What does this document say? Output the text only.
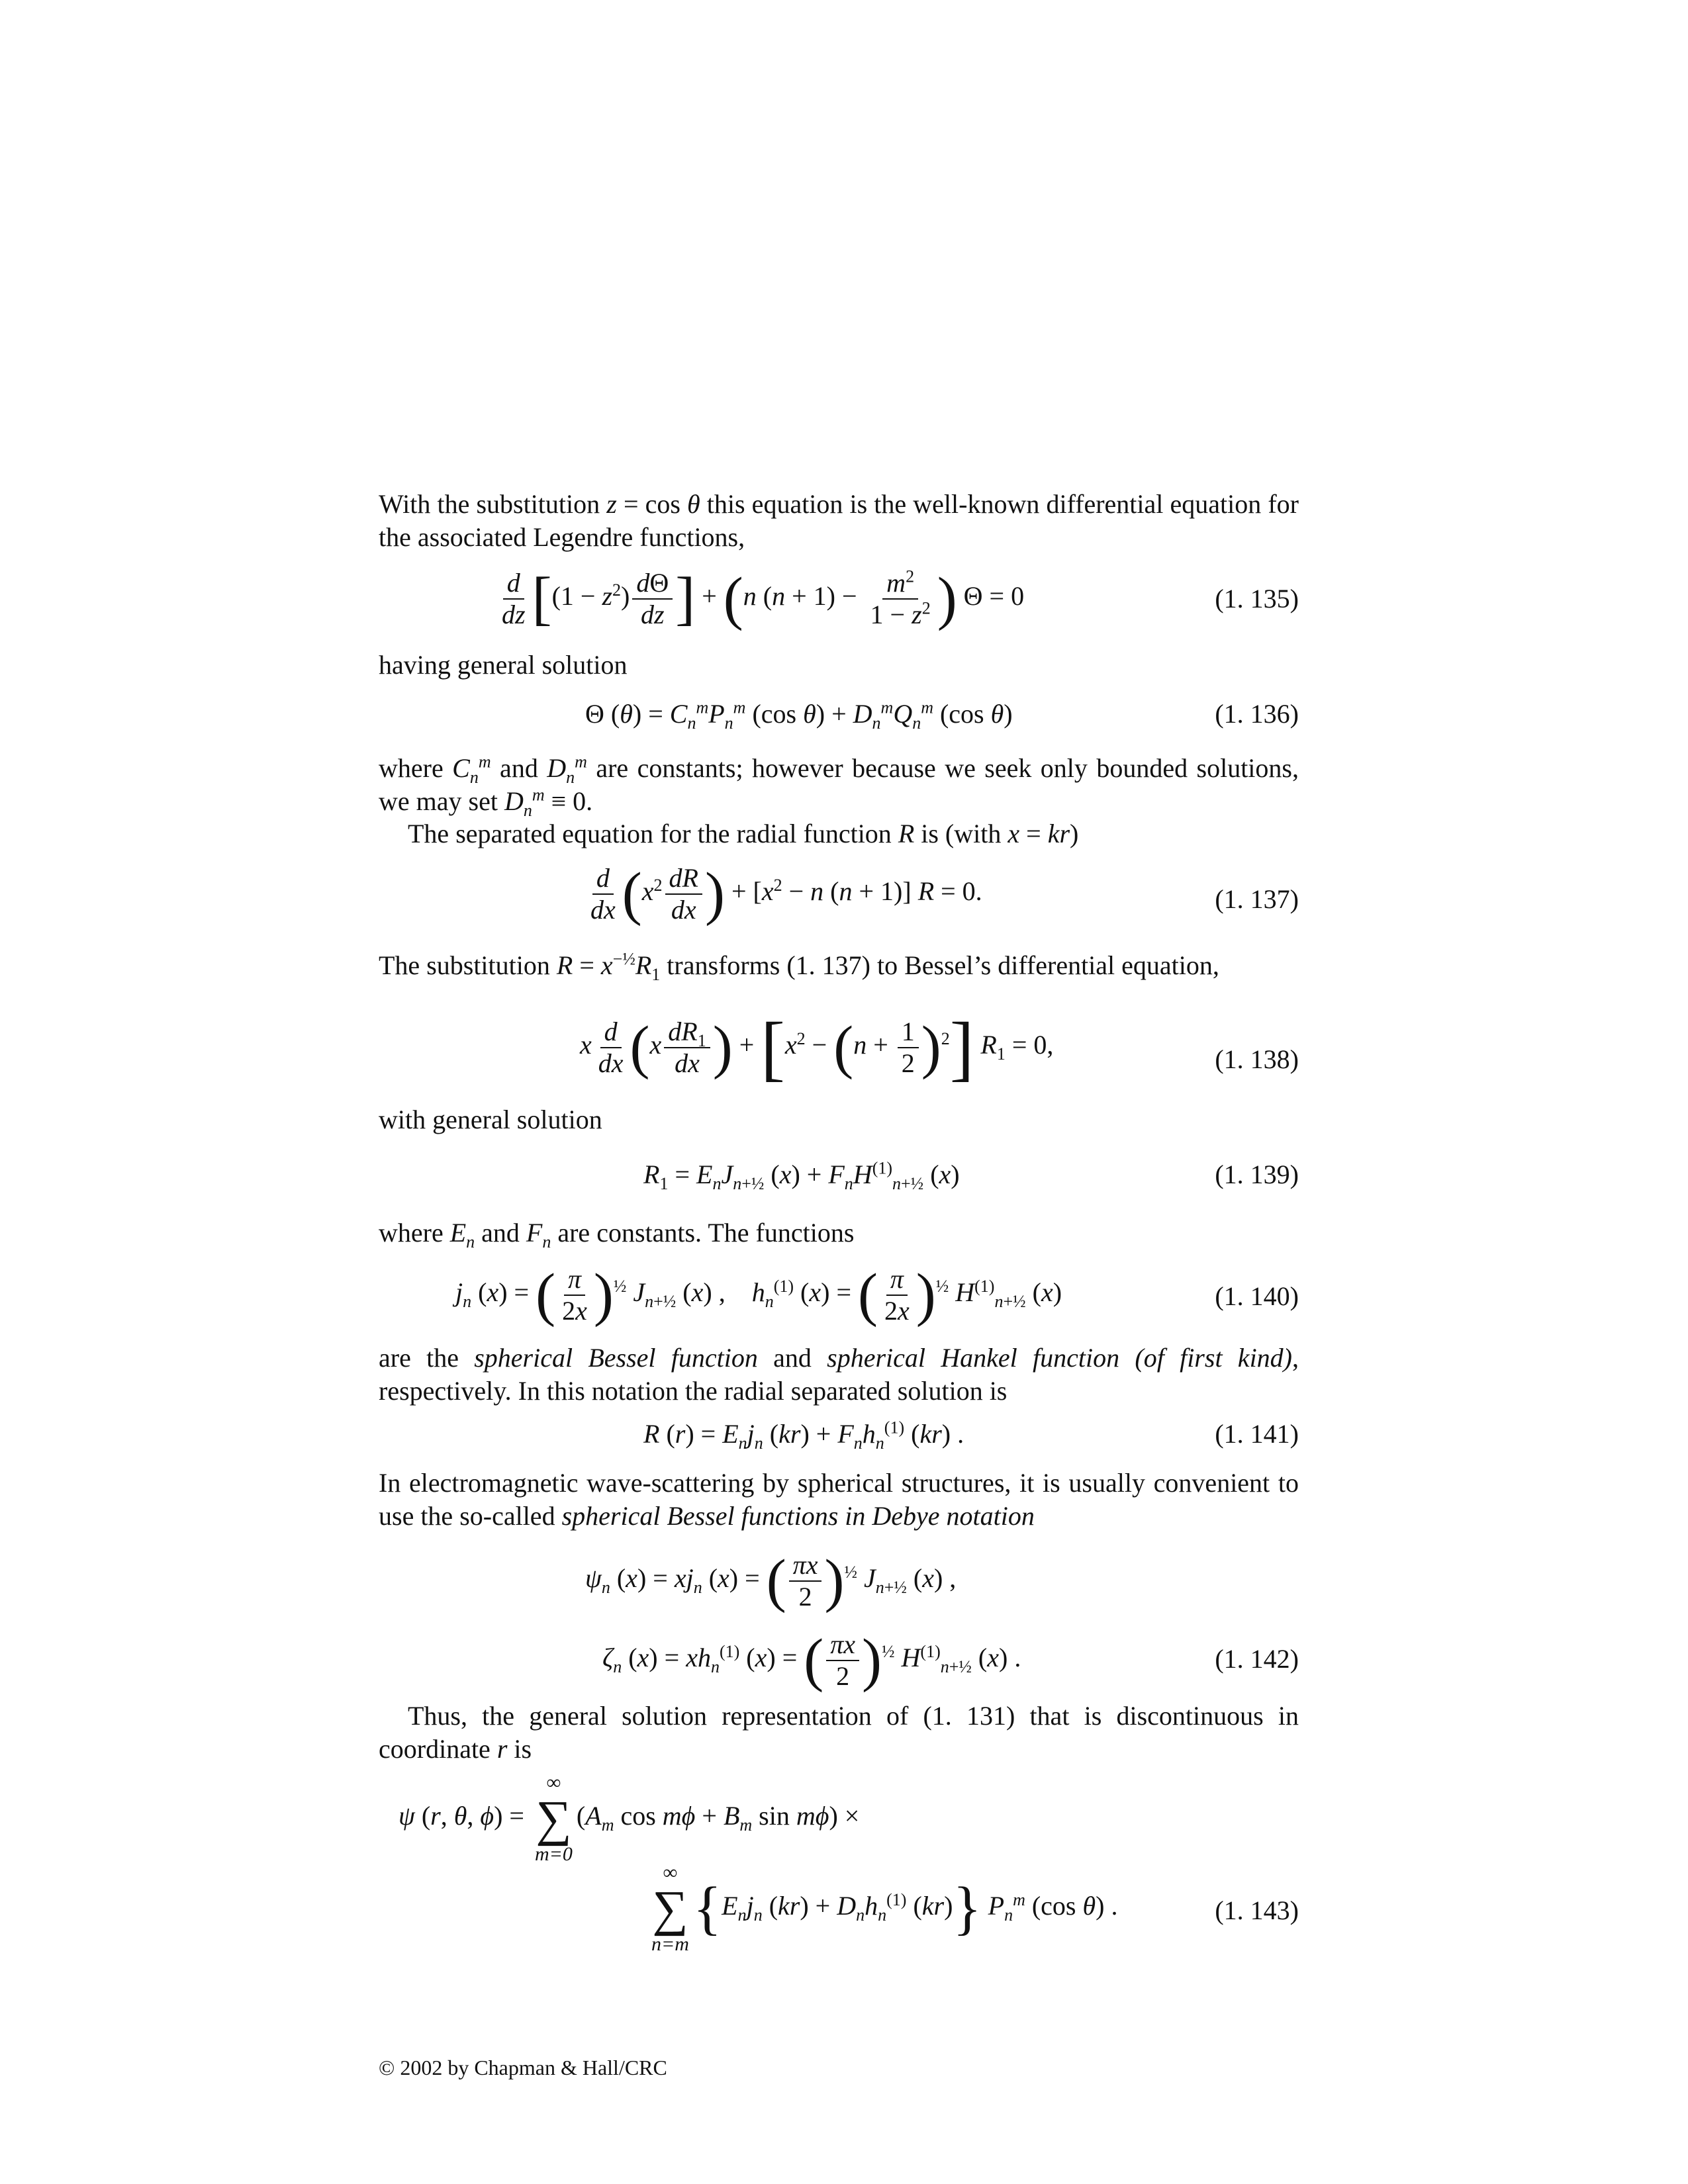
With the substitution z = cos θ this equation is the well-known differential equation for the associated Legendre functions,
$\frac{d}{dz} [(1 - z^2) \frac{d\Theta}{dz}$ ] + (n $(n + 1) - \frac{m^2}{1 - z^2}$ ) Θ = 0	(1. 135)
having general solution
Θ $(\theta) = C_n^mP_n^m$ (cos $\theta) + D_n^mQ_n^m$ (cos θ)	(1. 136)
where $C_n^m$ and $D_n^m$ are constants; however because we seek only bounded solutions, we may set $D_n^m \equiv 0$.
The separated equation for the radial function R is (with x = kr)
$\frac{d}{dx} (x^2 \frac{dR}{dx}$ ) + [$x^2 - n$ (n + 1)] R = 0.	(1. 137)
The substitution $R = x^{-\frac{1}{2}}R_1$ transforms (1. 137) to Bessel’s differential equation,
x $\frac{d}{dx} (x \frac{dR_1}{dx}$ ) + $[x^2 - (n + \frac{1}{2} )^2] R_1 = 0$,	(1. 138)
with general solution
$R_1 = E_nJ_{n+\frac{1}{2}}$ $(x) + F_nH^{(1)}_{n+\frac{1}{2}}$ (x)	(1. 139)
where $E_n$ and $F_n$ are constants. The functions
$j_n$ (x) = ( $\frac{\pi}{2x} )^{\frac{1}{2}}$ $J_{n+\frac{1}{2}}$ (x) ,    $h_n^{(1)}$ (x) = ( $\frac{\pi}{2x} )^{\frac{1}{2}}$ $H^{(1)}_{n+\frac{1}{2}}$ (x)	(1. 140)
are the spherical Bessel function and spherical Hankel function (of first kind), respectively. In this notation the radial separated solution is
R $(r) = E_nj_n$ $(kr) + F_nh_n^{(1)}$ (kr) .	(1. 141)
In electromagnetic wave-scattering by spherical structures, it is usually convenient to use the so-called spherical Bessel functions in Debye notation
$\psi_n$ $(x) = xj_n$ (x) = ( $\frac{\pi x}{2} )^{\frac{1}{2}}$ $J_{n+\frac{1}{2}}$ (x) ,
$\zeta_n$ $(x) = xh_n^{(1)}$ (x) = ( $\frac{\pi x}{2} )^{\frac{1}{2}}$ $H^{(1)}_{n+\frac{1}{2}}$ (x) .	(1. 142)
Thus, the general solution representation of (1. 131) that is discontinuous in coordinate r is
ψ (r, θ, ϕ) =
∞
∑
m=0
($A_m$ $\cos m\phi + B_m$ sin mϕ) ×
∞
∑
n=m
{$E_nj_n$ $(kr) + D_nh_n^{(1)}$ (kr)} $P_n^m$ (cos θ) .	(1. 143)
© 2002 by Chapman & Hall/CRC
